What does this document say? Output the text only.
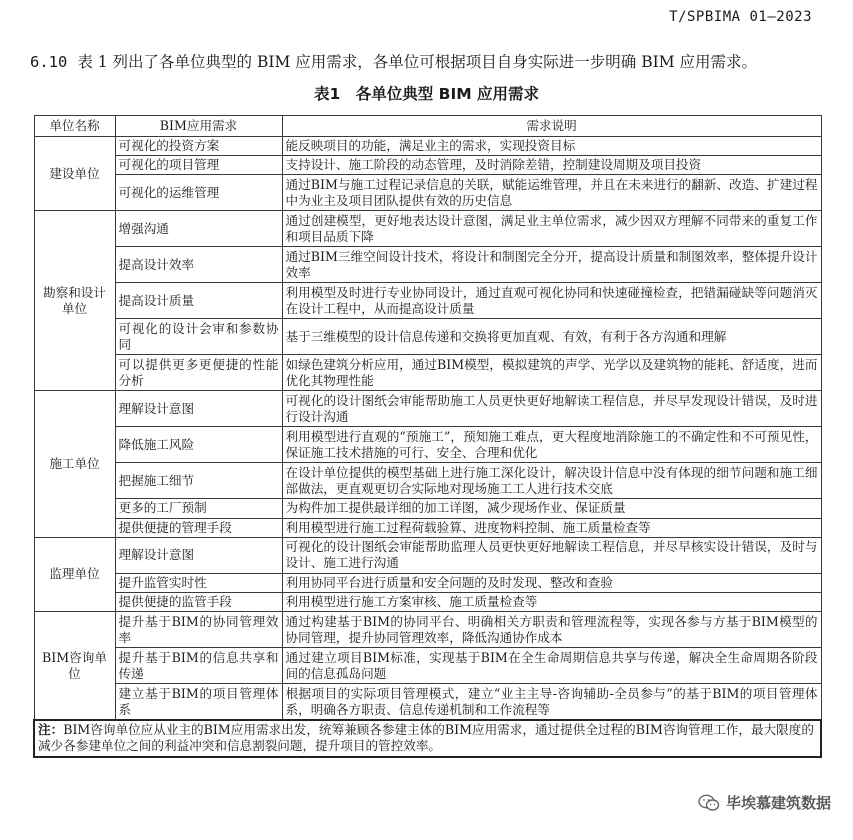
T/SPBIMA 01—2023
6.10 表 1 列出了各单位典型的 BIM 应用需求，各单位可根据项目自身实际进一步明确 BIM 应用需求。
表1　各单位典型 BIM 应用需求
单位名称	BIM应用需求	需求说明
建设单位	可视化的投资方案	能反映项目的功能，满足业主的需求，实现投资目标
	可视化的项目管理	支持设计、施工阶段的动态管理，及时消除差错，控制建设周期及项目投资
	可视化的运维管理	通过BIM与施工过程记录信息的关联，赋能运维管理，并且在未来进行的翻新、改造、扩建过程中为业主及项目团队提供有效的历史信息
勘察和设计单位	增强沟通	通过创建模型，更好地表达设计意图，满足业主单位需求，减少因双方理解不同带来的重复工作和项目品质下降
	提高设计效率	通过BIM三维空间设计技术，将设计和制图完全分开，提高设计质量和制图效率，整体提升设计效率
	提高设计质量	利用模型及时进行专业协同设计，通过直观可视化协同和快速碰撞检查，把错漏碰缺等问题消灭在设计工程中，从而提高设计质量
	可视化的设计会审和参数协同	基于三维模型的设计信息传递和交换将更加直观、有效，有利于各方沟通和理解
	可以提供更多更便捷的性能分析	如绿色建筑分析应用，通过BIM模型，模拟建筑的声学、光学以及建筑物的能耗、舒适度，进而优化其物理性能
施工单位	理解设计意图	可视化的设计图纸会审能帮助施工人员更快更好地解读工程信息，并尽早发现设计错误，及时进行设计沟通
	降低施工风险	利用模型进行直观的“预施工”，预知施工难点，更大程度地消除施工的不确定性和不可预见性，保证施工技术措施的可行、安全、合理和优化
	把握施工细节	在设计单位提供的模型基础上进行施工深化设计，解决设计信息中没有体现的细节问题和施工细部做法，更直观更切合实际地对现场施工工人进行技术交底
	更多的工厂预制	为构件加工提供最详细的加工详图，减少现场作业、保证质量
	提供便捷的管理手段	利用模型进行施工过程荷载验算、进度物料控制、施工质量检查等
监理单位	理解设计意图	可视化的设计图纸会审能帮助监理人员更快更好地解读工程信息，并尽早核实设计错误，及时与设计、施工进行沟通
	提升监管实时性	利用协同平台进行质量和安全问题的及时发现、整改和查验
	提供便捷的监管手段	利用模型进行施工方案审核、施工质量检查等
BIM咨询单位	提升基于BIM的协同管理效率	通过构建基于BIM的协同平台、明确相关方职责和管理流程等，实现各参与方基于BIM模型的协同管理，提升协同管理效率，降低沟通协作成本
	提升基于BIM的信息共享和传递	通过建立项目BIM标准，实现基于BIM在全生命周期信息共享与传递，解决全生命周期各阶段间的信息孤岛问题
	建立基于BIM的项目管理体系	根据项目的实际项目管理模式，建立“业主主导-咨询辅助-全员参与”的基于BIM的项目管理体系，明确各方职责、信息传递机制和工作流程等
注：BIM咨询单位应从业主的BIM应用需求出发，统筹兼顾各参建主体的BIM应用需求，通过提供全过程的BIM咨询管理工作，最大限度的减少各参建单位之间的利益冲突和信息割裂问题，提升项目的管控效率。		
毕埃慕建筑数据
